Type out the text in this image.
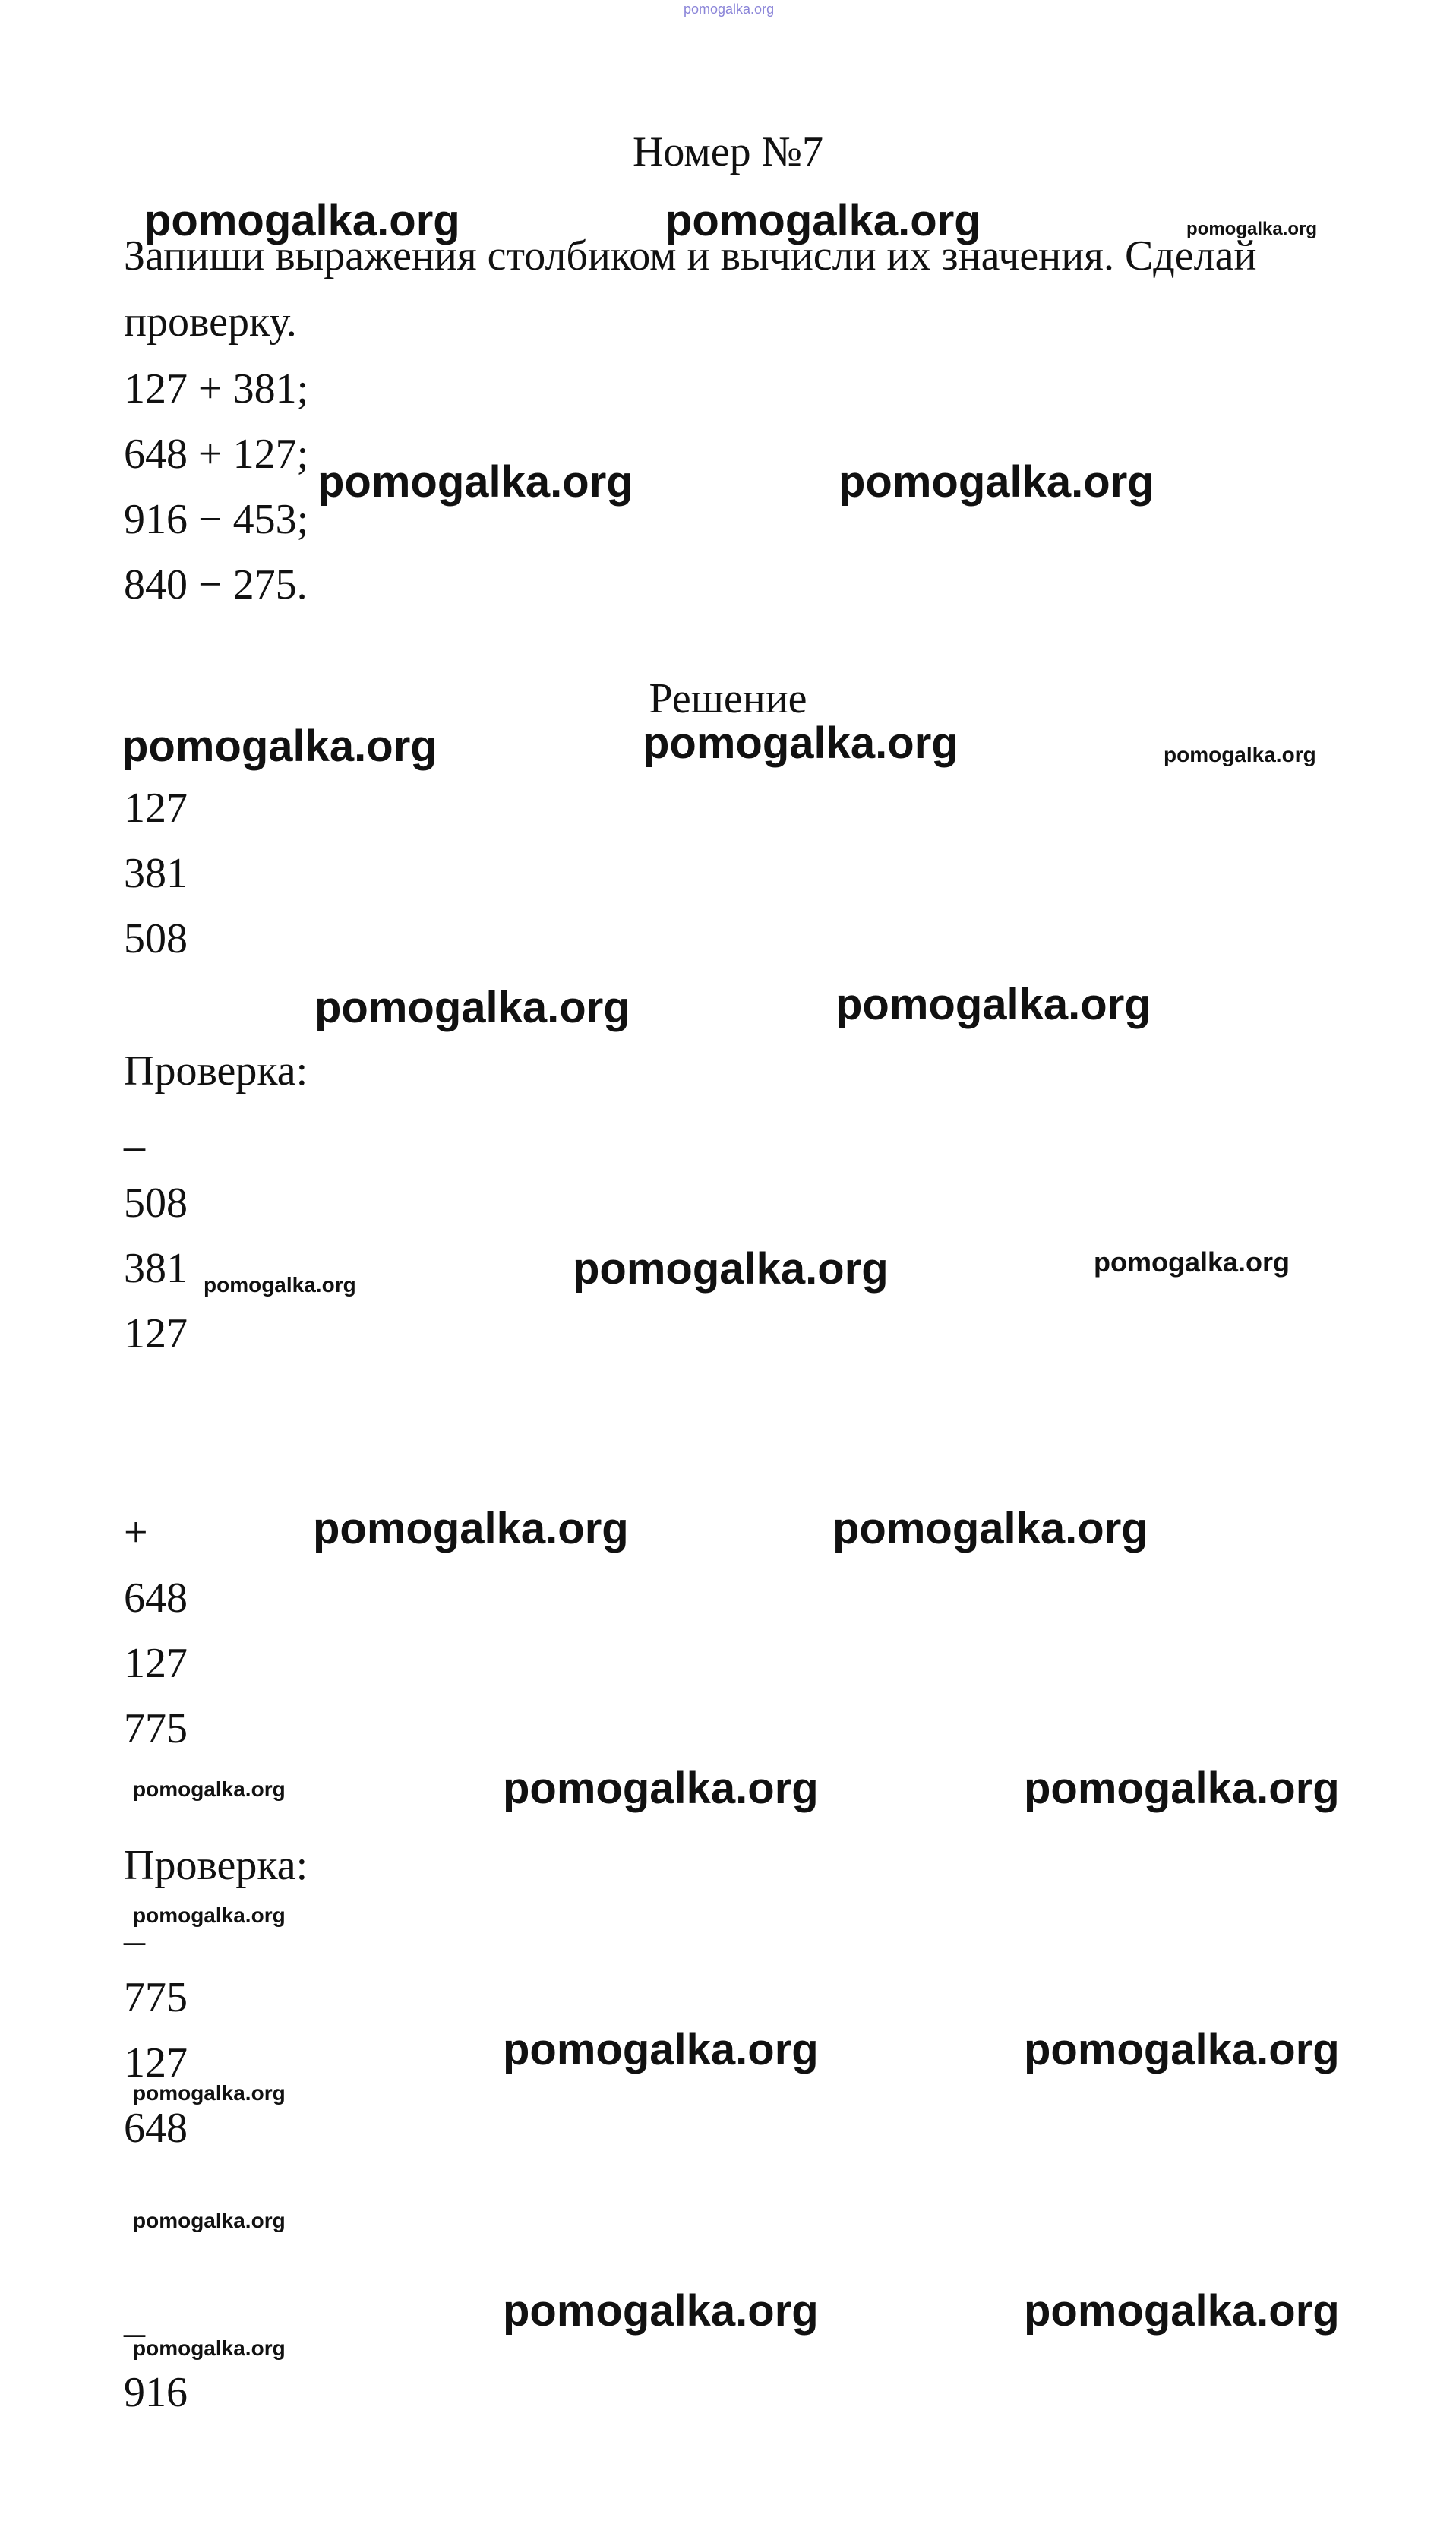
pomogalka.org
Номер №7
Запиши выражения столбиком и вычисли их значения. Сделай проверку.
127 + 381;
648 + 127;
916 − 453;
840 − 275.
Решение
127
381
508
Проверка:
_
508
381
127
+
648
127
775
Проверка:
_
775
127
648
_
916
pomogalka.org	pomogalka.org
pomogalka.org	pomogalka.org
pomogalka.org	pomogalka.org
pomogalka.org	pomogalka.org
pomogalka.org
pomogalka.org	pomogalka.org
pomogalka.org	pomogalka.org
pomogalka.org	pomogalka.org
pomogalka.org	pomogalka.org
pomogalka.org
pomogalka.org
pomogalka.org
pomogalka.org
pomogalka.org
pomogalka.org
pomogalka.org
pomogalka.org
pomogalka.org
